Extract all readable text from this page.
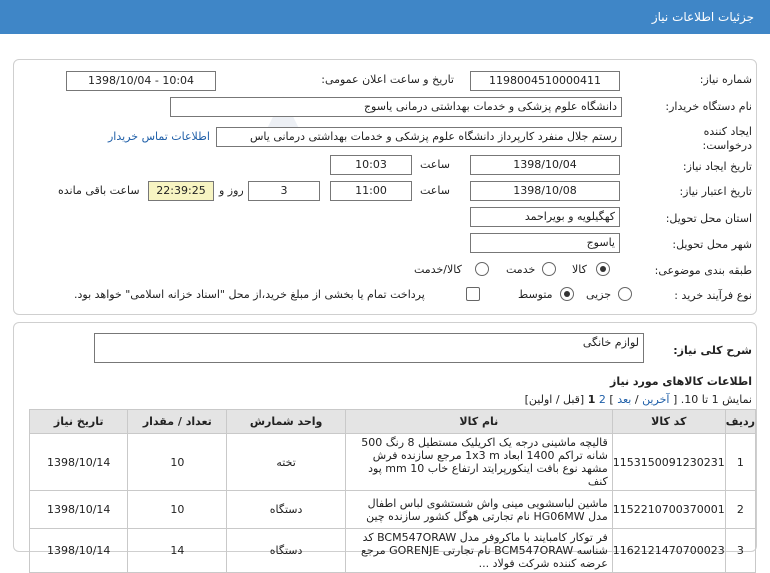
جزئیات اطلاعات نیاز
شماره نیاز:
1198004510000411
تاریخ و ساعت اعلان عمومی:
1398/10/04 - 10:04
نام دستگاه خریدار:
دانشگاه علوم پزشکی و خدمات بهداشتی درمانی یاسوج
ایجاد کننده درخواست:
رستم جلال منفرد کارپرداز دانشگاه علوم پزشکی و خدمات بهداشتی درمانی یاس
اطلاعات تماس خریدار
تاریخ ایجاد نیاز:
1398/10/04
ساعت
10:03
تاریخ اعتبار نیاز:
1398/10/08
ساعت
11:00
3
روز و
22:39:25
ساعت باقی مانده
استان محل تحویل:
کهگیلویه و بویراحمد
شهر محل تحویل:
یاسوج
طبقه بندی موضوعی:
کالا
خدمت
کالا/خدمت
نوع فرآیند خرید :
جزیی
متوسط
پرداخت تمام یا بخشی از مبلغ خرید،از محل "اسناد خزانه اسلامی" خواهد بود.
شرح کلی نیاز:
لوازم خانگی
اطلاعات کالاهای مورد نیاز
نمایش 1 تا 10. [ آخرین / بعد ] 2 1 [قبل / اولین]
ردیف	کد کالا	نام کالا	واحد شمارش	تعداد / مقدار	تاریخ نیاز
1	1153150091230231	قالیچه ماشینی درجه یک اکریلیک مستطیل 8 رنگ 500 شانه تراکم 1400 ابعاد 1x3 m مرجع سازنده فرش مشهد نوع بافت اینکورپرایتد ارتفاع خاب 10 mm پود کنف	تخته	10	1398/10/14
2	1152210700370001	ماشین لباسشویی مینی واش شستشوی لباس اطفال مدل HG06MW نام تجارتی هوگل کشور سازنده چین	دستگاه	10	1398/10/14
3	1162121470700023	فر توکار کامبایند با ماکروفر مدل BCM547ORAW کد شناسه BCM547ORAW نام تجارتی GORENJE مرجع عرضه کننده شرکت فولاد ...	دستگاه	14	1398/10/14
